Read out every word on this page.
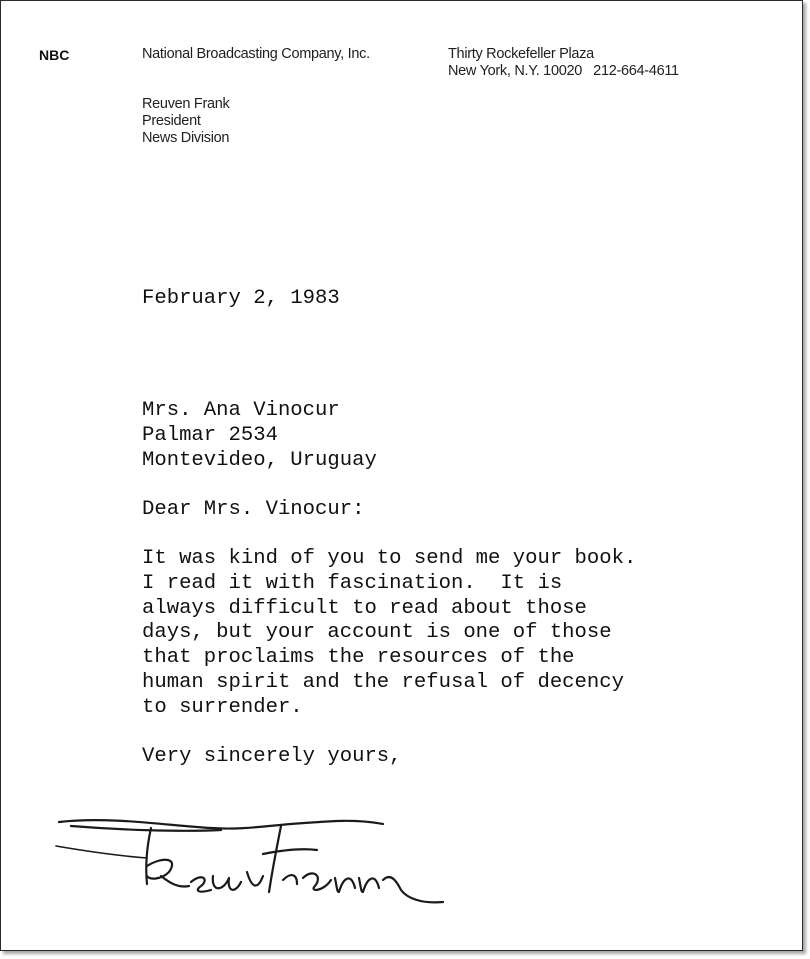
NBC	National Broadcasting Company, Inc.	Thirty Rockefeller Plaza
New York, N.Y. 10020   212-664-4611
Reuven Frank
President
News Division
February 2, 1983
Mrs. Ana Vinocur
Palmar 2534
Montevideo, Uruguay
Dear Mrs. Vinocur:
It was kind of you to send me your book.
I read it with fascination.  It is
always difficult to read about those
days, but your account is one of those
that proclaims the resources of the
human spirit and the refusal of decency
to surrender.
Very sincerely yours,
